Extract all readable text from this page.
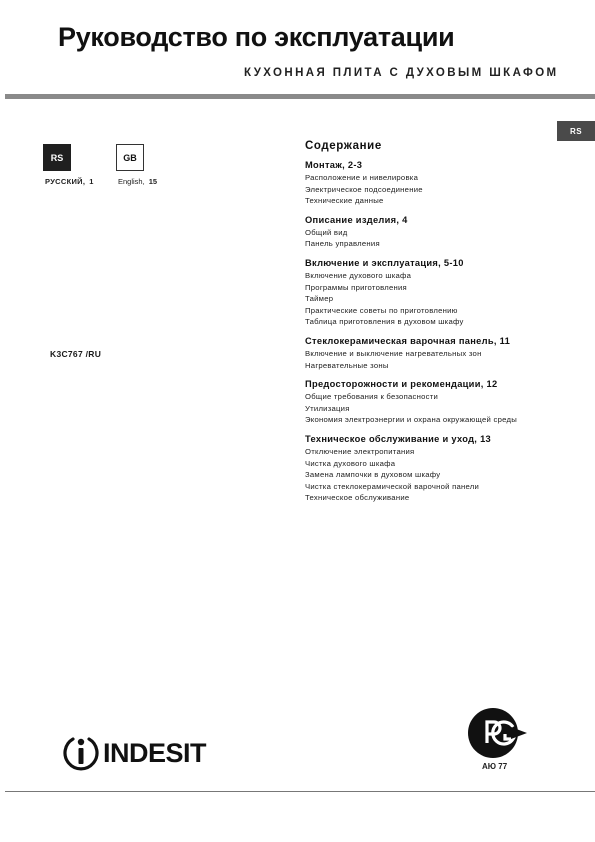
Руководство по эксплуатации
КУХОННАЯ ПЛИТА С ДУХОВЫМ ШКАФОМ
RS
RS	GB
РУССКИЙ, 1	English, 15
K3C767 /RU
Содержание
Монтаж, 2-3
Расположение и нивелировка
Электрическое подсоединение
Технические данные
Описание изделия, 4
Общий вид
Панель управления
Включение и эксплуатация, 5-10
Включение духового шкафа
Программы приготовления
Таймер
Практические советы по приготовлению
Таблица приготовления в духовом шкафу
Стеклокерамическая варочная панель, 11
Включение и выключение нагревательных зон
Нагревательные зоны
Предосторожности и рекомендации, 12
Общие требования к безопасности
Утилизация
Экономия электроэнергии и охрана окружающей среды
Техническое обслуживание и уход, 13
Отключение электропитания
Чистка духового шкафа
Замена лампочки в духовом шкафу
Чистка стеклокерамической варочной панели
Техническое обслуживание
INDESIT	АЮ 77
